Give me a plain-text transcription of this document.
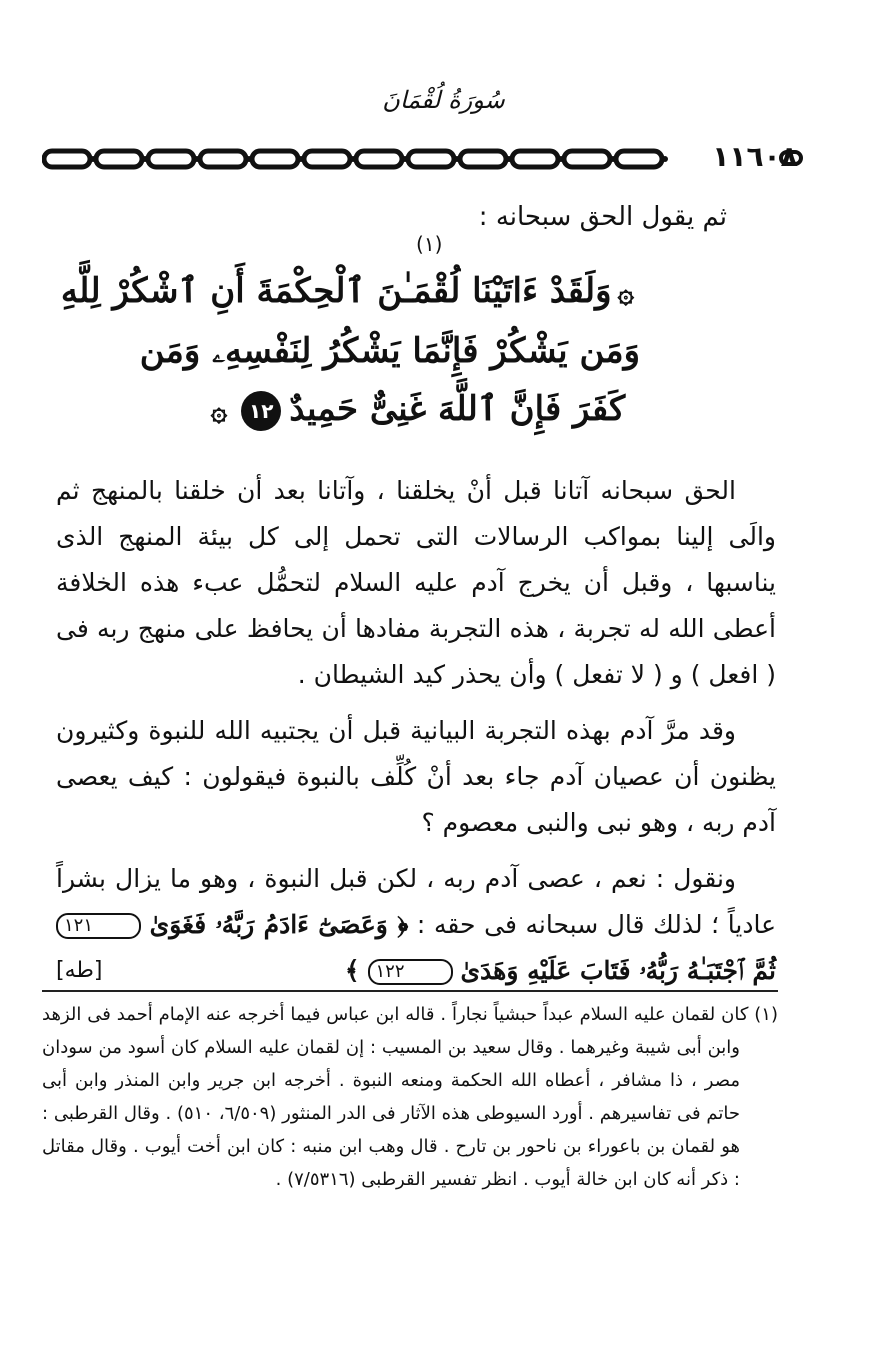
سُورَةُ لُقْمَانَ
١١٦٠٨
ثم يقول الحق سبحانه :
(١)
۞وَلَقَدْ ءَاتَيْنَا لُقْمَـٰنَ ٱلْحِكْمَةَ أَنِ ٱشْكُرْ لِلَّهِ
وَمَن يَشْكُرْ فَإِنَّمَا يَشْكُرُ لِنَفْسِهِۦ وَمَن
كَفَرَ فَإِنَّ ٱللَّهَ غَنِىٌّ حَمِيدٌ١٢۞

الحق سبحانه آتانا قبل أنْ يخلقنا ، وآتانا بعد أن خلقنا بالمنهج ثم والَى إلينا بمواكب الرسالات التى تحمل إلى كل بيئة المنهج الذى يناسبها ، وقبل أن يخرج آدم عليه السلام لتحمُّل عبء هذه الخلافة أعطى الله له تجربة ، هذه التجربة مفادها أن يحافظ على منهج ربه فى ( افعل ) و ( لا تفعل ) وأن يحذر كيد الشيطان .

وقد مرَّ آدم بهذه التجربة البيانية قبل أن يجتبيه الله للنبوة وكثيرون يظنون أن عصيان آدم جاء بعد أنْ كُلِّف بالنبوة فيقولون : كيف يعصى آدم ربه ، وهو نبى والنبى معصوم ؟

ونقول : نعم ، عصى آدم ربه ، لكن قبل النبوة ، وهو ما يزال بشراً عادياً ؛ لذلك قال سبحانه فى حقه : ﴿ وَعَصَىٰٓ ءَادَمُ رَبَّهُۥ فَغَوَىٰ ١٢١ ثُمَّ ٱجْتَبَـٰهُ رَبُّهُۥ فَتَابَ عَلَيْهِ وَهَدَىٰ ١٢٢ ﴾
[طه]

(١) كان لقمان عليه السلام عبداً حبشياً نجاراً . قاله ابن عباس فيما أخرجه عنه الإمام أحمد فى الزهد وابن أبى شيبة وغيرهما . وقال سعيد بن المسيب : إن لقمان عليه السلام كان أسود من سودان مصر ، ذا مشافر ، أعطاه الله الحكمة ومنعه النبوة . أخرجه ابن جرير وابن المنذر وابن أبى حاتم فى تفاسيرهم . أورد السيوطى هذه الآثار فى الدر المنثور (٦/٥٠٩، ٥١٠) . وقال القرطبى : هو لقمان بن باعوراء بن ناحور بن تارح . قال وهب ابن منبه : كان ابن أخت أيوب . وقال مقاتل : ذكر أنه كان ابن خالة أيوب . انظر تفسير القرطبى (٧/٥٣١٦) .
